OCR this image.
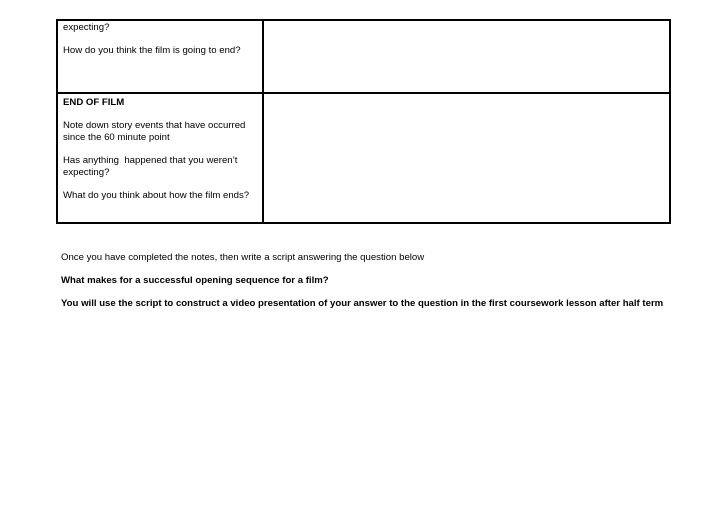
expecting?

How do you think the film is going to end?	

END OF FILM

Note down story events that have occurred since the 60 minute point

Has anything  happened that you weren’t expecting?

What do you think about how the film ends?	

Once you have completed the notes, then write a script answering the question below

What makes for a successful opening sequence for a film?

You will use the script to construct a video presentation of your answer to the question in the first coursework lesson after half term
